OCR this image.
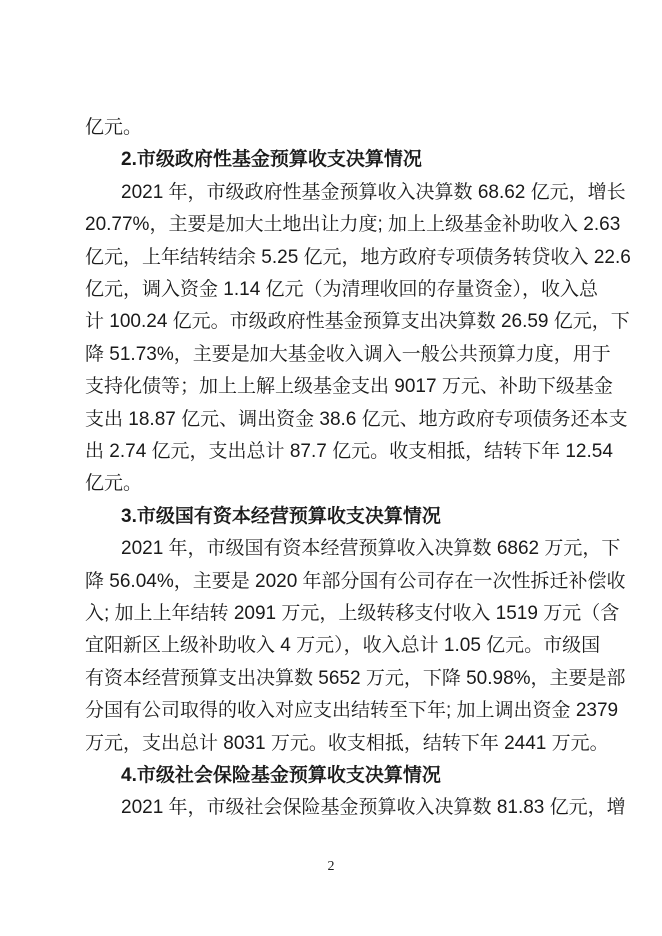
亿元。
2.市级政府性基金预算收支决算情况
2021 年，市级政府性基金预算收入决算数 68.62 亿元，增长
20.77%，主要是加大土地出让力度; 加上上级基金补助收入 2.63
亿元，上年结转结余 5.25 亿元，地方政府专项债务转贷收入 22.6
亿元，调入资金 1.14 亿元（为清理收回的存量资金），收入总
计 100.24 亿元。市级政府性基金预算支出决算数 26.59 亿元，下
降 51.73%，主要是加大基金收入调入一般公共预算力度，用于
支持化债等；加上上解上级基金支出 9017 万元、补助下级基金
支出 18.87 亿元、调出资金 38.6 亿元、地方政府专项债务还本支
出 2.74 亿元，支出总计 87.7 亿元。收支相抵，结转下年 12.54
亿元。
3.市级国有资本经营预算收支决算情况
2021 年，市级国有资本经营预算收入决算数 6862 万元，下
降 56.04%，主要是 2020 年部分国有公司存在一次性拆迁补偿收
入; 加上上年结转 2091 万元，上级转移支付收入 1519 万元（含
宜阳新区上级补助收入 4 万元），收入总计 1.05 亿元。市级国
有资本经营预算支出决算数 5652 万元，下降 50.98%，主要是部
分国有公司取得的收入对应支出结转至下年; 加上调出资金 2379
万元，支出总计 8031 万元。收支相抵，结转下年 2441 万元。
4.市级社会保险基金预算收支决算情况
2021 年，市级社会保险基金预算收入决算数 81.83 亿元，增
2
